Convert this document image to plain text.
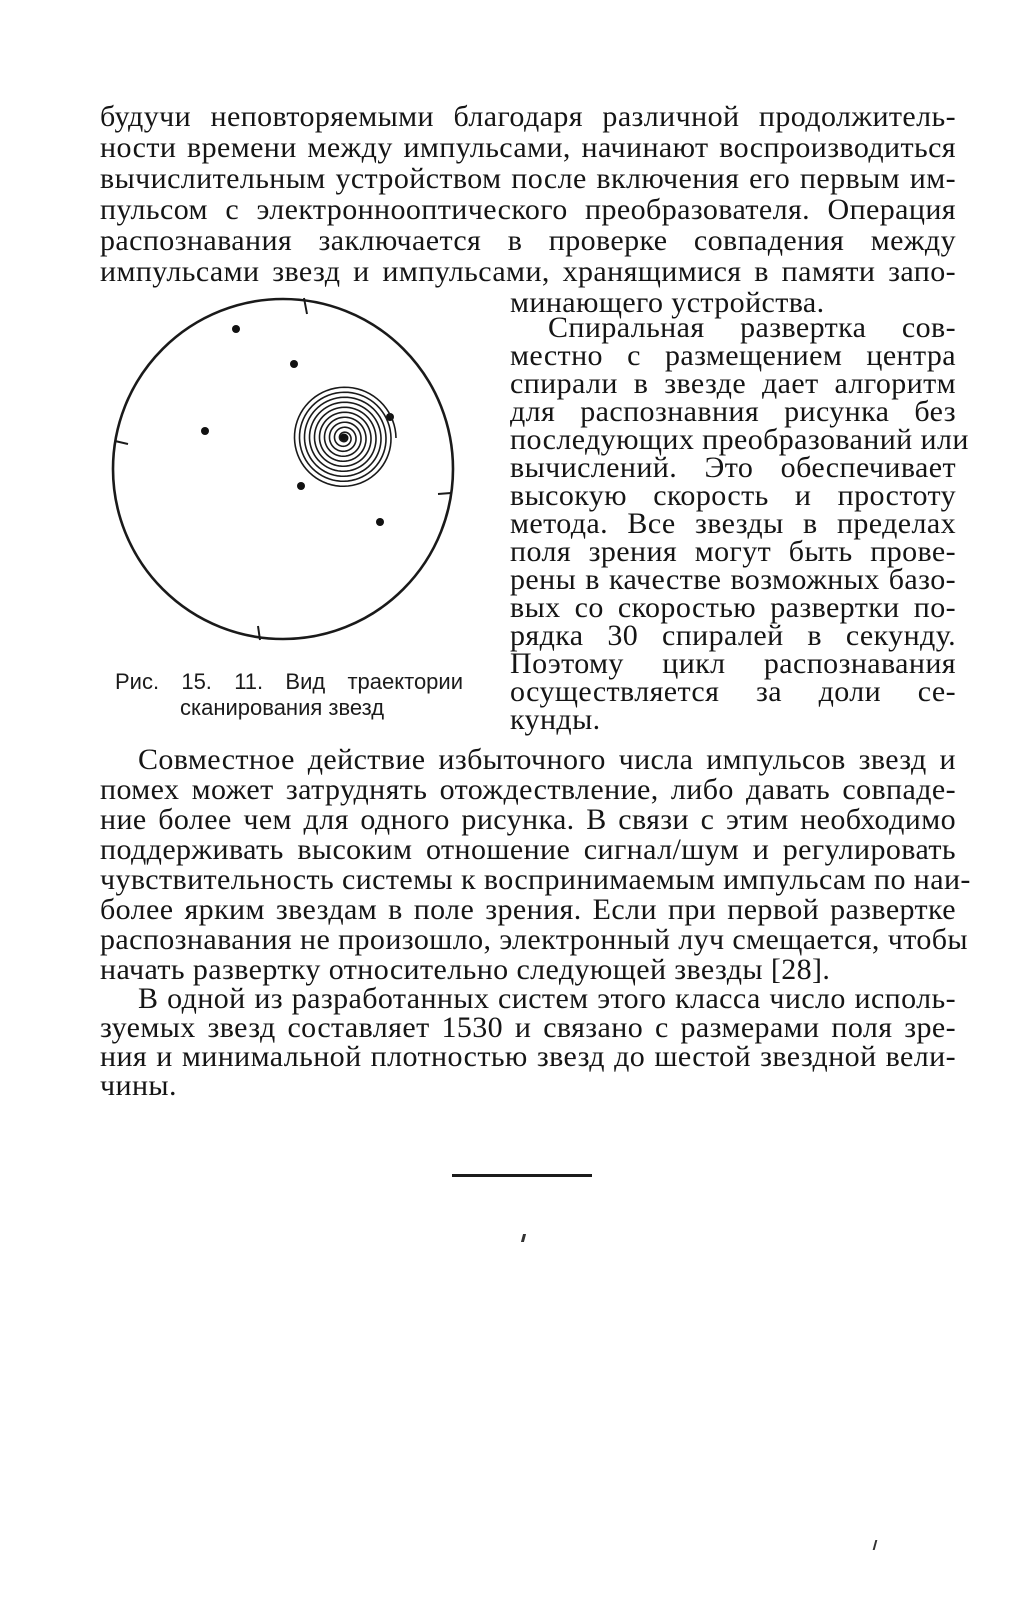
будучи неповторяемыми благодаря различной продолжитель-
ности времени между импульсами, начинают воспроизводиться
вычислительным устройством после включения его первым им-
пульсом с электроннооптического преобразователя. Операция
распознавания заключается в проверке совпадения между
импульсами звезд и импульсами, хранящимися в памяти запо-
минающего устройства.
Рис. 15. 11. Вид траектории
сканирования звезд
Спиральная развертка сов-
местно с размещением центра
спирали в звезде дает алгоритм
для распознавния рисунка без
последующих преобразований или
вычислений. Это обеспечивает
высокую скорость и простоту
метода. Все звезды в пределах
поля зрения могут быть прове-
рены в качестве возможных базо-
вых со скоростью развертки по-
рядка 30 спиралей в секунду.
Поэтому цикл распознавания
осуществляется за доли се-
кунды.
Совместное действие избыточного числа импульсов звезд и
помех может затруднять отождествление, либо давать совпаде-
ние более чем для одного рисунка. В связи с этим необходимо
поддерживать высоким отношение сигнал/шум и регулировать
чувствительность системы к воспринимаемым импульсам по наи-
более ярким звездам в поле зрения. Если при первой развертке
распознавания не произошло, электронный луч смещается, чтобы
начать развертку относительно следующей звезды [28].
В одной из разработанных систем этого класса число исполь-
зуемых звезд составляет 1530 и связано с размерами поля зре-
ния и минимальной плотностью звезд до шестой звездной вели-
чины.
